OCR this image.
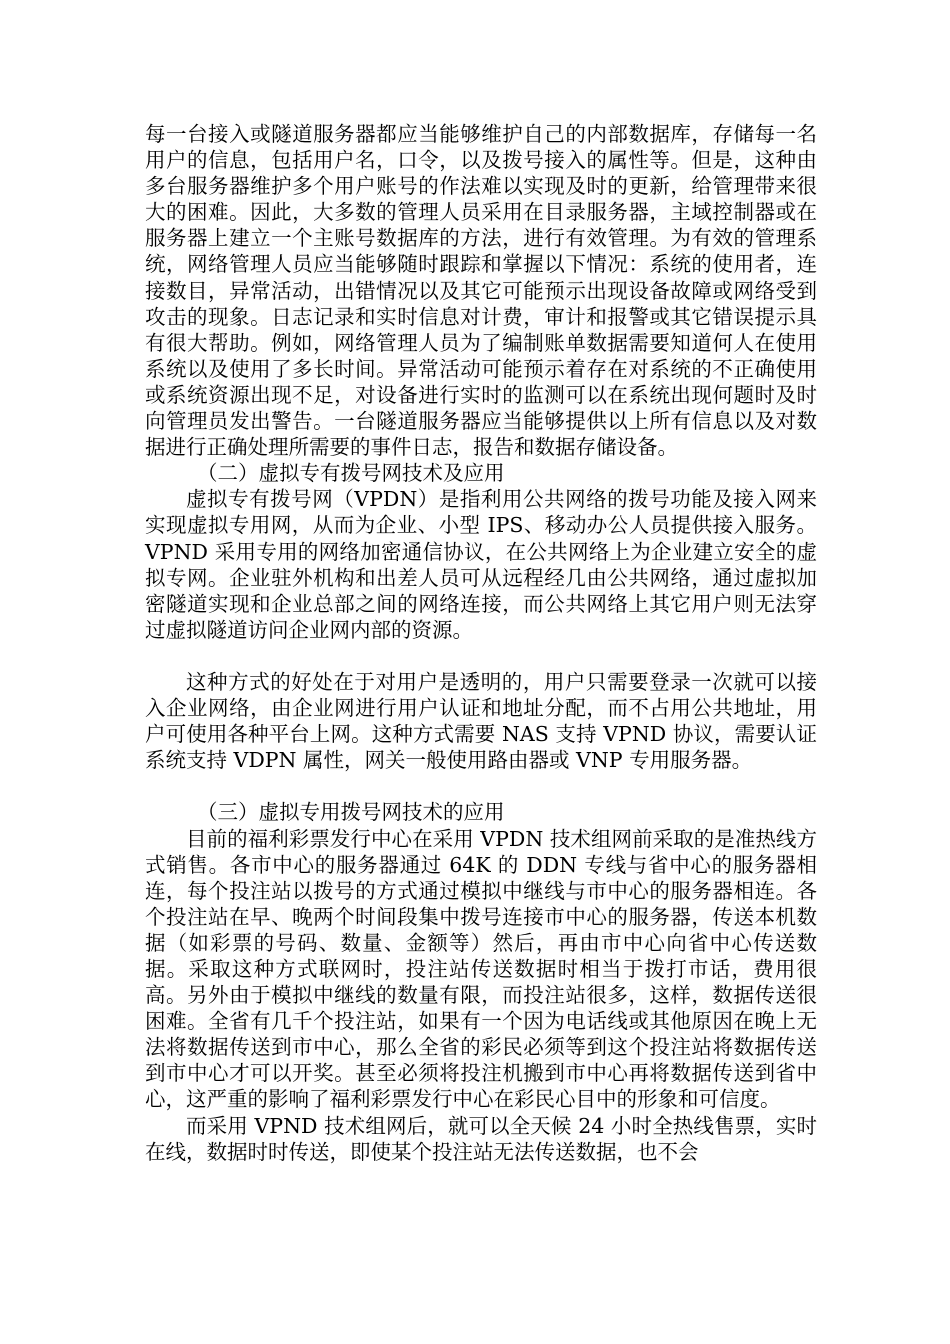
每一台接入或隧道服务器都应当能够维护自己的内部数据库，存储每一名用户的信息，包括用户名，口令，以及拨号接入的属性等。但是，这种由多台服务器维护多个用户账号的作法难以实现及时的更新，给管理带来很大的困难。因此，大多数的管理人员采用在目录服务器，主域控制器或在服务器上建立一个主账号数据库的方法，进行有效管理。为有效的管理系统，网络管理人员应当能够随时跟踪和掌握以下情况：系统的使用者，连接数目，异常活动，出错情况以及其它可能预示出现设备故障或网络受到攻击的现象。日志记录和实时信息对计费，审计和报警或其它错误提示具有很大帮助。例如，网络管理人员为了编制账单数据需要知道何人在使用系统以及使用了多长时间。异常活动可能预示着存在对系统的不正确使用或系统资源出现不足，对设备进行实时的监测可以在系统出现何题时及时向管理员发出警告。一台隧道服务器应当能够提供以上所有信息以及对数据进行正确处理所需要的事件日志，报告和数据存储设备。

（二）虚拟专有拨号网技术及应用

虚拟专有拨号网（VPDN）是指利用公共网络的拨号功能及接入网来实现虚拟专用网，从而为企业、小型 IPS、移动办公人员提供接入服务。VPND 采用专用的网络加密通信协议，在公共网络上为企业建立安全的虚拟专网。企业驻外机构和出差人员可从远程经几由公共网络，通过虚拟加密隧道实现和企业总部之间的网络连接，而公共网络上其它用户则无法穿过虚拟隧道访问企业网内部的资源。

这种方式的好处在于对用户是透明的，用户只需要登录一次就可以接入企业网络，由企业网进行用户认证和地址分配，而不占用公共地址，用户可使用各种平台上网。这种方式需要 NAS 支持 VPND 协议，需要认证系统支持 VDPN 属性，网关一般使用路由器或 VNP 专用服务器。

（三）虚拟专用拨号网技术的应用

目前的福利彩票发行中心在采用 VPDN 技术组网前采取的是准热线方式销售。各市中心的服务器通过 64K 的 DDN 专线与省中心的服务器相连，每个投注站以拨号的方式通过模拟中继线与市中心的服务器相连。各个投注站在早、晚两个时间段集中拨号连接市中心的服务器，传送本机数据（如彩票的号码、数量、金额等）然后，再由市中心向省中心传送数据。采取这种方式联网时，投注站传送数据时相当于拨打市话，费用很高。另外由于模拟中继线的数量有限，而投注站很多，这样，数据传送很困难。全省有几千个投注站，如果有一个因为电话线或其他原因在晚上无法将数据传送到市中心，那么全省的彩民必须等到这个投注站将数据传送到市中心才可以开奖。甚至必须将投注机搬到市中心再将数据传送到省中心，这严重的影响了福利彩票发行中心在彩民心目中的形象和可信度。

而采用 VPND 技术组网后，就可以全天候 24 小时全热线售票，实时在线，数据时时传送，即使某个投注站无法传送数据，也不会
